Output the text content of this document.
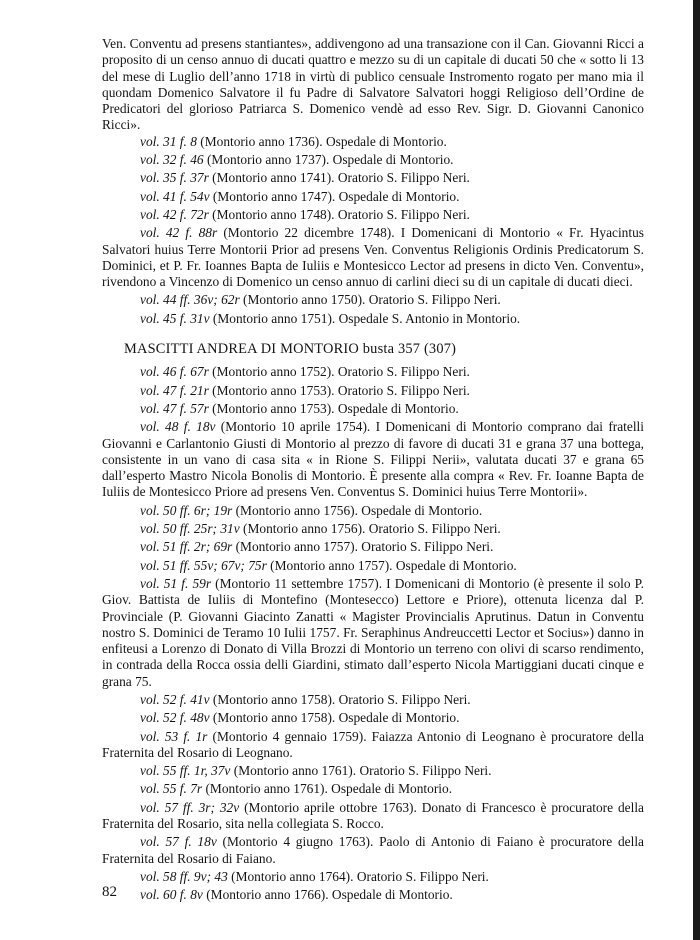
Ven. Conventu ad presens stantiantes», addivengono ad una transazione con il Can. Giovanni Ricci a proposito di un censo annuo di ducati quattro e mezzo su di un capitale di ducati 50 che « sotto li 13 del mese di Luglio dell’anno 1718 in virtù di publico censuale Instromento rogato per mano mia il quondam Domenico Salvatore il fu Padre di Salvatore Salvatori hoggi Religioso dell’Ordine de Predicatori del glorioso Patriarca S. Domenico vendè ad esso Rev. Sigr. D. Giovanni Canonico Ricci».

vol. 31 f. 8 (Montorio anno 1736). Ospedale di Montorio.

vol. 32 f. 46 (Montorio anno 1737). Ospedale di Montorio.

vol. 35 f. 37r (Montorio anno 1741). Oratorio S. Filippo Neri.

vol. 41 f. 54v (Montorio anno 1747). Ospedale di Montorio.

vol. 42 f. 72r (Montorio anno 1748). Oratorio S. Filippo Neri.

vol. 42 f. 88r (Montorio 22 dicembre 1748). I Domenicani di Montorio « Fr. Hyacintus Salvatori huius Terre Montorii Prior ad presens Ven. Conventus Religionis Ordinis Predicatorum S. Dominici, et P. Fr. Ioannes Bapta de Iuliis e Montesicco Lector ad presens in dicto Ven. Conventu», rivendono a Vincenzo di Domenico un censo annuo di carlini dieci su di un capitale di ducati dieci.

vol. 44 ff. 36v; 62r (Montorio anno 1750). Oratorio S. Filippo Neri.

vol. 45 f. 31v (Montorio anno 1751). Ospedale S. Antonio in Montorio.

MASCITTI ANDREA DI MONTORIO busta 357 (307)

vol. 46 f. 67r (Montorio anno 1752). Oratorio S. Filippo Neri.

vol. 47 f. 21r (Montorio anno 1753). Oratorio S. Filippo Neri.

vol. 47 f. 57r (Montorio anno 1753). Ospedale di Montorio.

vol. 48 f. 18v (Montorio 10 aprile 1754). I Domenicani di Montorio comprano dai fratelli Giovanni e Carlantonio Giusti di Montorio al prezzo di favore di ducati 31 e grana 37 una bottega, consistente in un vano di casa sita « in Rione S. Filippi Nerii», valutata ducati 37 e grana 65 dall’esperto Mastro Nicola Bonolis di Montorio. È presente alla compra « Rev. Fr. Ioanne Bapta de Iuliis de Montesicco Priore ad presens Ven. Conventus S. Dominici huius Terre Montorii».

vol. 50 ff. 6r; 19r (Montorio anno 1756). Ospedale di Montorio.

vol. 50 ff. 25r; 31v (Montorio anno 1756). Oratorio S. Filippo Neri.

vol. 51 ff. 2r; 69r (Montorio anno 1757). Oratorio S. Filippo Neri.

vol. 51 ff. 55v; 67v; 75r (Montorio anno 1757). Ospedale di Montorio.

vol. 51 f. 59r (Montorio 11 settembre 1757). I Domenicani di Montorio (è presente il solo P. Giov. Battista de Iuliis di Montefino (Montesecco) Lettore e Priore), ottenuta licenza dal P. Provinciale (P. Giovanni Giacinto Zanatti « Magister Provincialis Aprutinus. Datun in Conventu nostro S. Dominici de Teramo 10 Iulii 1757. Fr. Seraphinus Andreuccetti Lector et Socius») danno in enfiteusi a Lorenzo di Donato di Villa Brozzi di Montorio un terreno con olivi di scarso rendimento, in contrada della Rocca ossia delli Giardini, stimato dall’esperto Nicola Martiggiani ducati cinque e grana 75.

vol. 52 f. 41v (Montorio anno 1758). Oratorio S. Filippo Neri.

vol. 52 f. 48v (Montorio anno 1758). Ospedale di Montorio.

vol. 53 f. 1r (Montorio 4 gennaio 1759). Faiazza Antonio di Leognano è procuratore della Fraternita del Rosario di Leognano.

vol. 55 ff. 1r, 37v (Montorio anno 1761). Oratorio S. Filippo Neri.

vol. 55 f. 7r (Montorio anno 1761). Ospedale di Montorio.

vol. 57 ff. 3r; 32v (Montorio aprile ottobre 1763). Donato di Francesco è procuratore della Fraternita del Rosario, sita nella collegiata S. Rocco.

vol. 57 f. 18v (Montorio 4 giugno 1763). Paolo di Antonio di Faiano è procuratore della Fraternita del Rosario di Faiano.

vol. 58 ff. 9v; 43 (Montorio anno 1764). Oratorio S. Filippo Neri.

vol. 60 f. 8v (Montorio anno 1766). Ospedale di Montorio.

82
